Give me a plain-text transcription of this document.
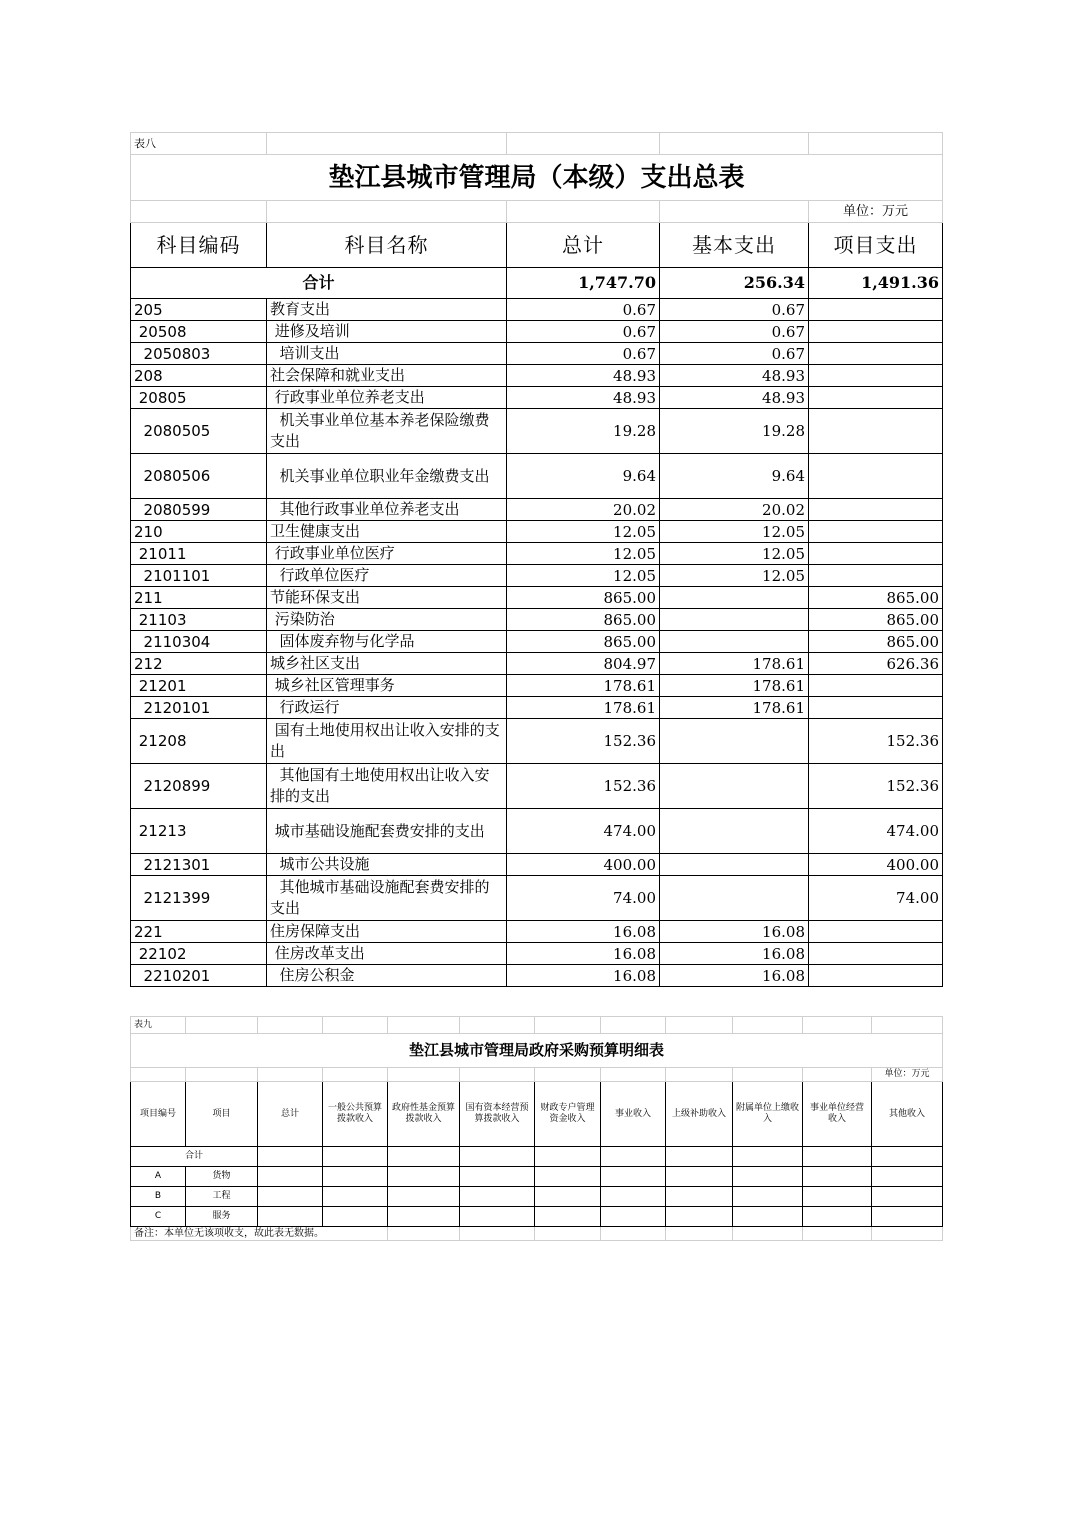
表八				
垫江县城市管理局（本级）支出总表				
				单位：万元
科目编码	科目名称	总计	基本支出	项目支出
合计		1,747.70	256.34	1,491.36
205	教育支出	0.67	0.67	
20508	进修及培训	0.67	0.67	
2050803	培训支出	0.67	0.67	
208	社会保障和就业支出	48.93	48.93	
20805	行政事业单位养老支出	48.93	48.93	
2080505	机关事业单位基本养老保险缴费支出	19.28	19.28	
2080506	机关事业单位职业年金缴费支出	9.64	9.64	
2080599	其他行政事业单位养老支出	20.02	20.02	
210	卫生健康支出	12.05	12.05	
21011	行政事业单位医疗	12.05	12.05	
2101101	行政单位医疗	12.05	12.05	
211	节能环保支出	865.00		865.00
21103	污染防治	865.00		865.00
2110304	固体废弃物与化学品	865.00		865.00
212	城乡社区支出	804.97	178.61	626.36
21201	城乡社区管理事务	178.61	178.61	
2120101	行政运行	178.61	178.61	
21208	国有土地使用权出让收入安排的支出	152.36		152.36
2120899	其他国有土地使用权出让收入安排的支出	152.36		152.36
21213	城市基础设施配套费安排的支出	474.00		474.00
2121301	城市公共设施	400.00		400.00
2121399	其他城市基础设施配套费安排的支出	74.00		74.00
221	住房保障支出	16.08	16.08	
22102	住房改革支出	16.08	16.08	
2210201	住房公积金	16.08	16.08	
表九											
垫江县城市管理局政府采购预算明细表											
											单位：万元
项目编号	项目	总计	一般公共预算拨款收入	政府性基金预算拨款收入	国有资本经营预算拨款收入	财政专户管理资金收入	事业收入	上级补助收入	附属单位上缴收入	事业单位经营收入	其他收入
合计											
A	货物										
B	工程										
C	服务										
备注：本单位无该项收支，故此表无数据。											
